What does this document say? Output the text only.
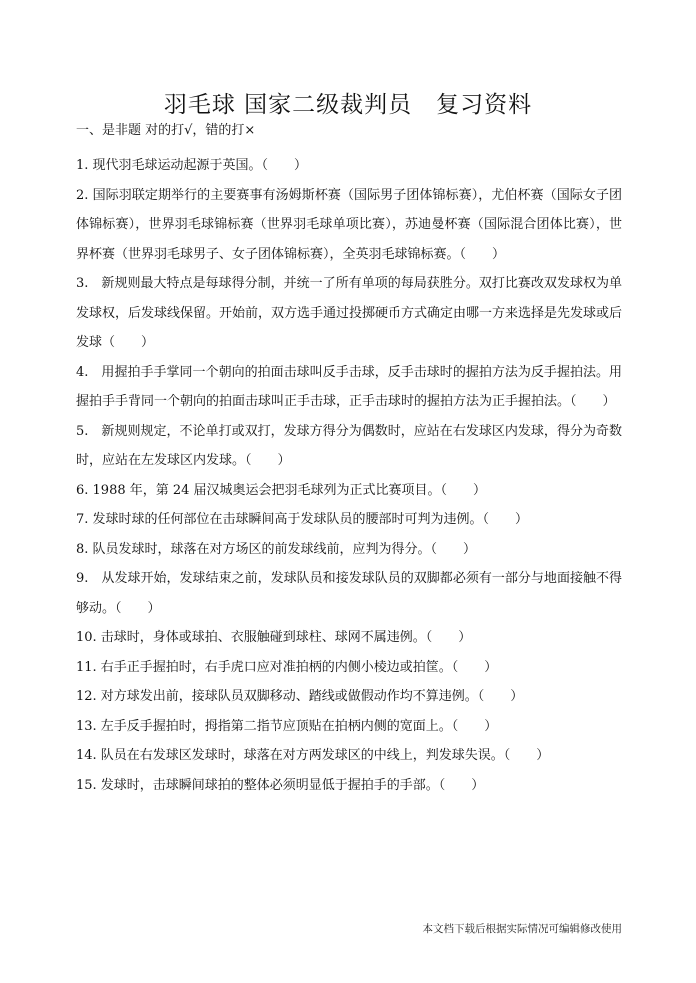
羽毛球 国家二级裁判员　复习资料
一、是非题 对的打√，错的打×

1. 现代羽毛球运动起源于英国。（　　）

2. 国际羽联定期举行的主要赛事有汤姆斯杯赛（国际男子团体锦标赛），尤伯杯赛（国际女子团体锦标赛），世界羽毛球锦标赛（世界羽毛球单项比赛），苏迪曼杯赛（国际混合团体比赛），世界杯赛（世界羽毛球男子、女子团体锦标赛），全英羽毛球锦标赛。（　　）

3.　新规则最大特点是每球得分制，并统一了所有单项的每局获胜分。双打比赛改双发球权为单发球权，后发球线保留。开始前，双方选手通过投掷硬币方式确定由哪一方来选择是先发球或后发球（　　）

4.　用握拍手手掌同一个朝向的拍面击球叫反手击球，反手击球时的握拍方法为反手握拍法。用握拍手手背同一个朝向的拍面击球叫正手击球，正手击球时的握拍方法为正手握拍法。（　　）

5.　新规则规定，不论单打或双打，发球方得分为偶数时，应站在右发球区内发球，得分为奇数时，应站在左发球区内发球。（　　）

6. 1988 年，第 24 届汉城奥运会把羽毛球列为正式比赛项目。（　　）

7. 发球时球的任何部位在击球瞬间高于发球队员的腰部时可判为违例。（　　）

8. 队员发球时，球落在对方场区的前发球线前，应判为得分。（　　）

9.　从发球开始，发球结束之前，发球队员和接发球队员的双脚都必须有一部分与地面接触不得够动。（　　）

10. 击球时，身体或球拍、衣服触碰到球柱、球网不属违例。（　　）

11. 右手正手握拍时，右手虎口应对准拍柄的内侧小棱边或拍筐。（　　）

12. 对方球发出前，接球队员双脚移动、踏线或做假动作均不算违例。（　　）

13. 左手反手握拍时，拇指第二指节应顶贴在拍柄内侧的宽面上。（　　）

14. 队员在右发球区发球时，球落在对方两发球区的中线上，判发球失误。（　　）

15. 发球时，击球瞬间球拍的整体必须明显低于握拍手的手部。（　　）

本文档下载后根据实际情况可编辑修改使用
